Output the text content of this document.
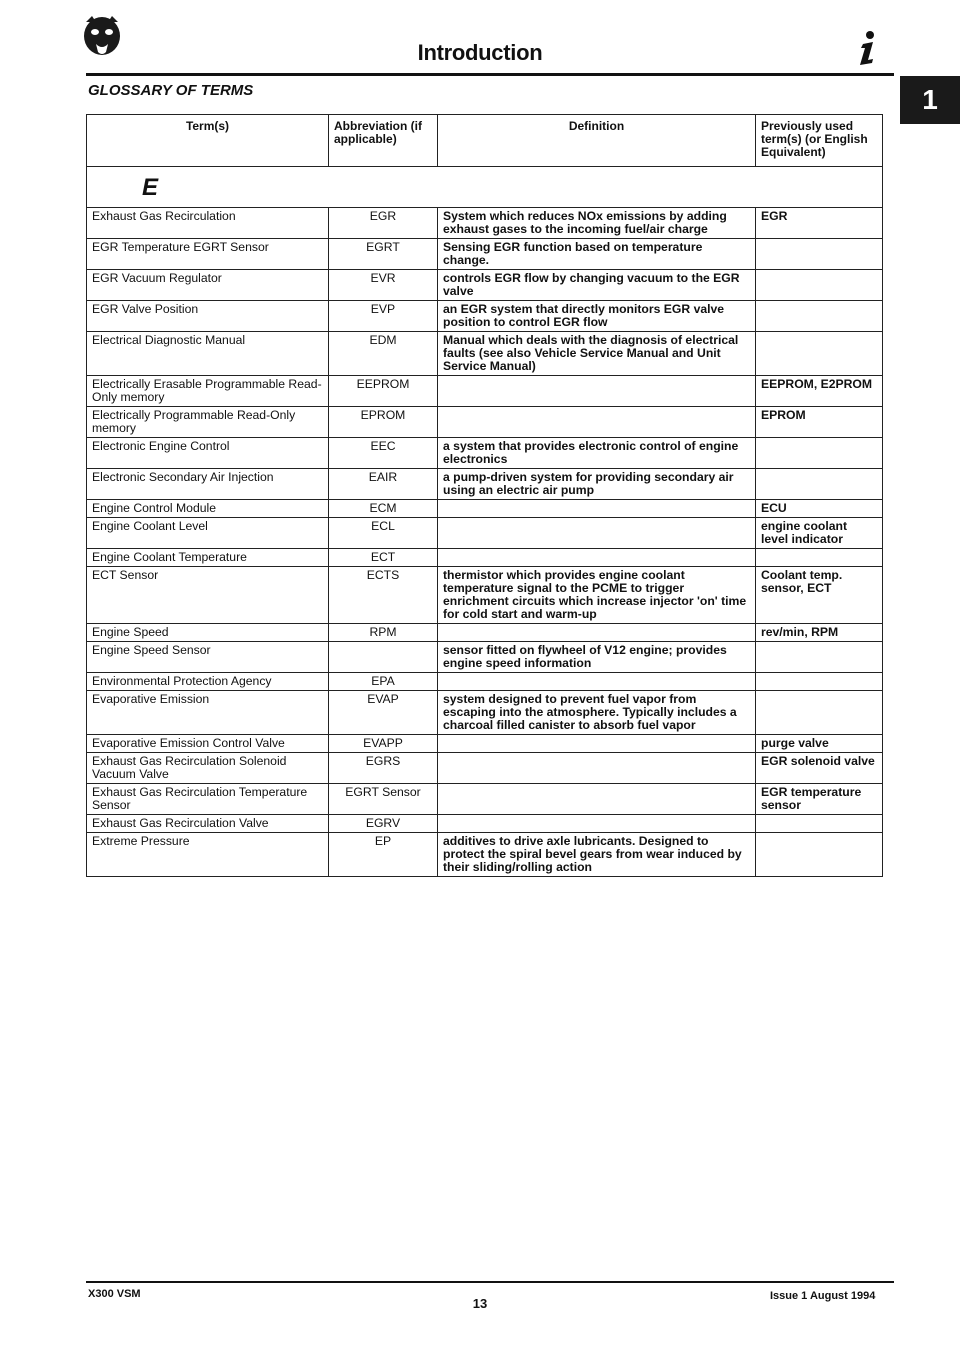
Introduction
1
GLOSSARY OF TERMS
Term(s)	Abbreviation (if applicable)	Definition	Previously used term(s) (or English Equivalent)
E			
Exhaust Gas Recirculation	EGR	System which reduces NOx emissions by adding exhaust gases to the incoming fuel/air charge	EGR
EGR Temperature EGRT Sensor	EGRT	Sensing EGR function based on temperature change.	
EGR Vacuum Regulator	EVR	controls EGR flow by changing vacuum to the EGR valve	
EGR Valve Position	EVP	an EGR system that directly monitors EGR valve position to control EGR flow	
Electrical Diagnostic Manual	EDM	Manual which deals with the diagnosis of electrical faults (see also Vehicle Service Manual and Unit Service Manual)	
Electrically Erasable Programmable Read-Only memory	EEPROM		EEPROM, E2PROM
Electrically Programmable Read-Only memory	EPROM		EPROM
Electronic Engine Control	EEC	a system that provides electronic control of engine electronics	
Electronic Secondary Air Injection	EAIR	a pump-driven system for providing secondary air using an electric air pump	
Engine Control Module	ECM		ECU
Engine Coolant Level	ECL		engine coolant level indicator
Engine Coolant Temperature	ECT		
ECT Sensor	ECTS	thermistor which provides engine coolant temperature signal to the PCME to trigger enrichment circuits which increase injector 'on' time for cold start and warm-up	Coolant temp. sensor, ECT
Engine Speed	RPM		rev/min, RPM
Engine Speed Sensor		sensor fitted on flywheel of V12 engine; provides engine speed information	
Environmental Protection Agency	EPA		
Evaporative Emission	EVAP	system designed to prevent fuel vapor from escaping into the atmosphere. Typically includes a charcoal filled canister to absorb fuel vapor	
Evaporative Emission Control Valve	EVAPP		purge valve
Exhaust Gas Recirculation Solenoid Vacuum Valve	EGRS		EGR solenoid valve
Exhaust Gas Recirculation Temperature Sensor	EGRT Sensor		EGR temperature sensor
Exhaust Gas Recirculation Valve	EGRV		
Extreme Pressure	EP	additives to drive axle lubricants. Designed to protect the spiral bevel gears from wear induced by their sliding/rolling action	
X300 VSM
13	Issue 1 August 1994
